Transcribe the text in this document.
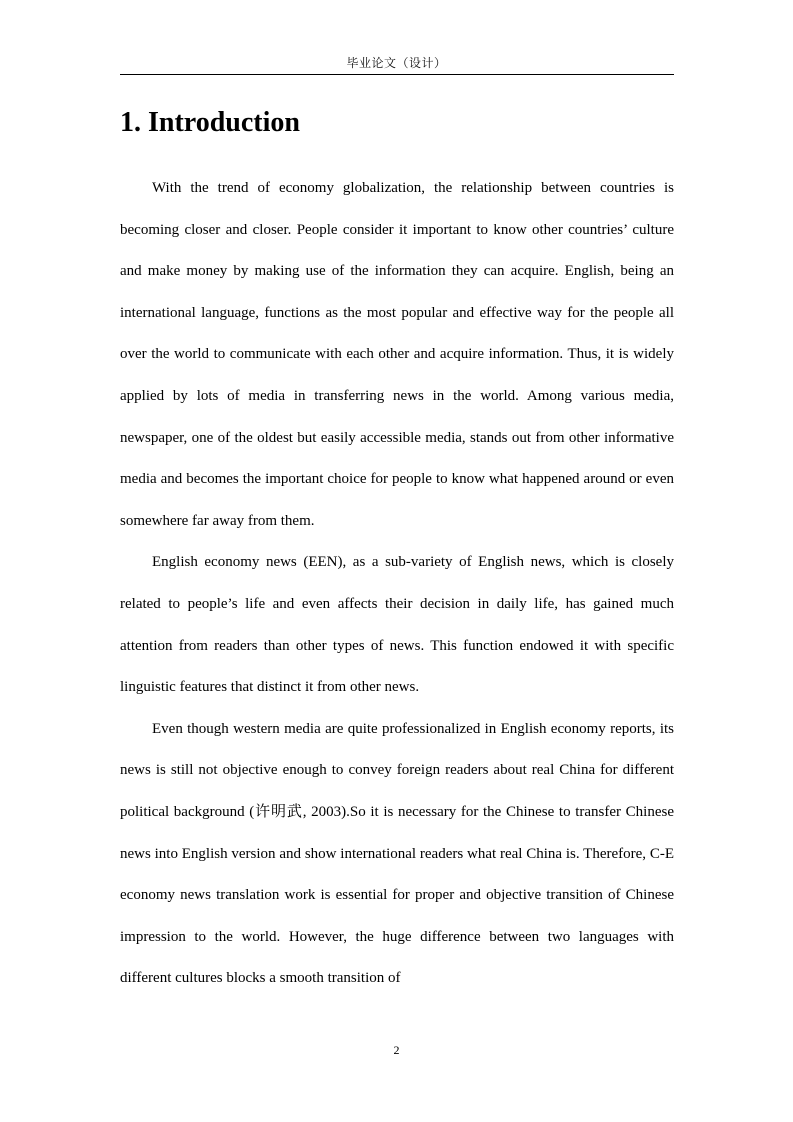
毕业论文（设计）
1. Introduction

With the trend of economy globalization, the relationship between countries is becoming closer and closer. People consider it important to know other countries’ culture and make money by making use of the information they can acquire. English, being an international language, functions as the most popular and effective way for the people all over the world to communicate with each other and acquire information. Thus, it is widely applied by lots of media in transferring news in the world. Among various media, newspaper, one of the oldest but easily accessible media, stands out from other informative media and becomes the important choice for people to know what happened around or even somewhere far away from them.

English economy news (EEN), as a sub-variety of English news, which is closely related to people’s life and even affects their decision in daily life, has gained much attention from readers than other types of news. This function endowed it with specific linguistic features that distinct it from other news.

Even though western media are quite professionalized in English economy reports, its news is still not objective enough to convey foreign readers about real China for different political background (许明武, 2003).So it is necessary for the Chinese to transfer Chinese news into English version and show international readers what real China is. Therefore, C-E economy news translation work is essential for proper and objective transition of Chinese impression to the world. However, the huge difference between two languages with different cultures blocks a smooth transition of

2
